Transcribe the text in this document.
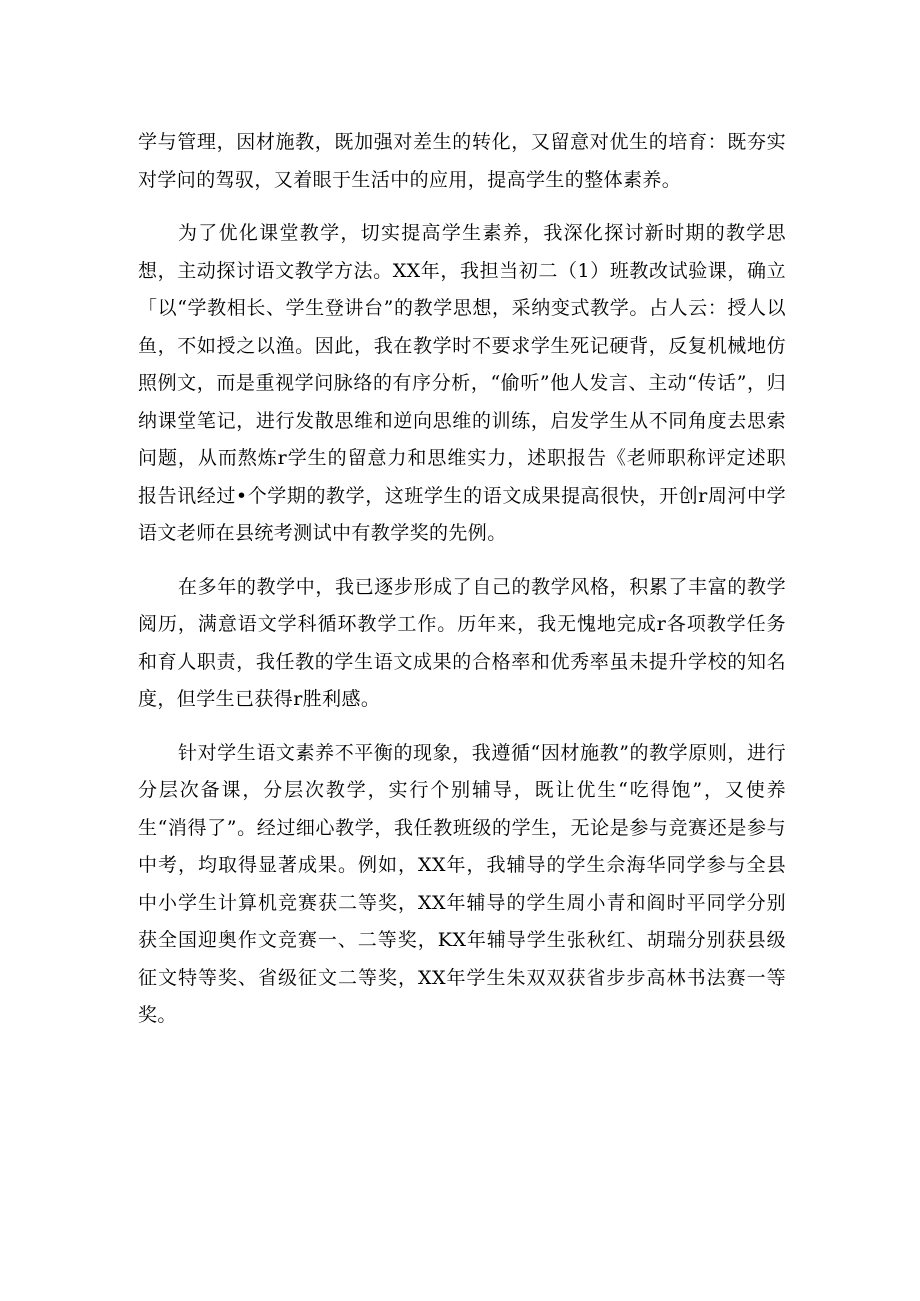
学与管理，因材施教，既加强对差生的转化，又留意对优生的培育：既夯实对学问的驾驭，又着眼于生活中的应用，提高学生的整体素养。

为了优化课堂教学，切实提高学生素养，我深化探讨新时期的教学思想，主动探讨语文教学方法。XX年，我担当初二（1）班教改试验课，确立「以“学教相长、学生登讲台”的教学思想，采纳变式教学。占人云：授人以鱼，不如授之以渔。因此，我在教学时不要求学生死记硬背，反复机械地仿照例文，而是重视学问脉络的有序分析，“偷听”他人发言、主动“传话”，归纳课堂笔记，进行发散思维和逆向思维的训练，启发学生从不同角度去思索问题，从而熬炼r学生的留意力和思维实力，述职报告《老师职称评定述职报告讯经过•个学期的教学，这班学生的语文成果提高很快，开创r周河中学语文老师在县统考测试中有教学奖的先例。

在多年的教学中，我已逐步形成了自己的教学风格，积累了丰富的教学阅历，满意语文学科循环教学工作。历年来，我无愧地完成r各项教学任务和育人职责，我任教的学生语文成果的合格率和优秀率虽未提升学校的知名度，但学生已获得r胜利感。

针对学生语文素养不平衡的现象，我遵循“因材施教”的教学原则，进行分层次备课，分层次教学，实行个别辅导，既让优生“吃得饱”，又使养生“消得了”。经过细心教学，我任教班级的学生，无论是参与竞赛还是参与中考，均取得显著成果。例如，XX年，我辅导的学生佘海华同学参与全县中小学生计算机竞赛获二等奖，XX年辅导的学生周小青和阎时平同学分别获全国迎奥作文竞赛一、二等奖，KX年辅导学生张秋红、胡瑞分别获县级征文特等奖、省级征文二等奖，XX年学生朱双双获省步步高林书法赛一等奖。
